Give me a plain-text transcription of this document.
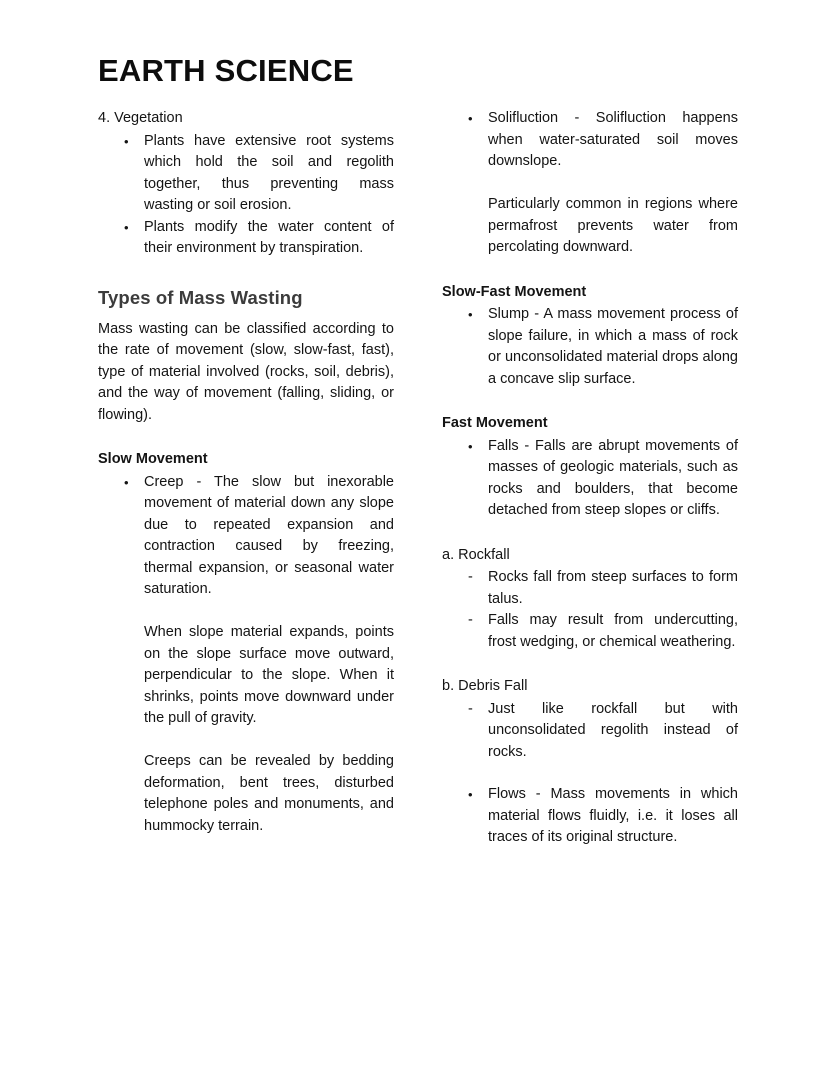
EARTH SCIENCE

4. Vegetation

• Plants have extensive root systems which hold the soil and regolith together, thus preventing mass wasting or soil erosion.
• Plants modify the water content of their environment by transpiration.
Types of Mass Wasting

Mass wasting can be classified according to the rate of movement (slow, slow-fast, fast), type of material involved (rocks, soil, debris), and the way of movement (falling, sliding, or flowing).

Slow Movement
• Creep - The slow but inexorable movement of material down any slope due to repeated expansion and contraction caused by freezing, thermal expansion, or seasonal water saturation.

When slope material expands, points on the slope surface move outward, perpendicular to the slope. When it shrinks, points move downward under the pull of gravity.

Creeps can be revealed by bedding deformation, bent trees, disturbed telephone poles and monuments, and hummocky terrain.

• Solifluction - Solifluction happens when water-saturated soil moves downslope.

Particularly common in regions where permafrost prevents water from percolating downward.

Slow-Fast Movement
• Slump - A mass movement process of slope failure, in which a mass of rock or unconsolidated material drops along a concave slip surface.
Fast Movement
• Falls - Falls are abrupt movements of masses of geologic materials, such as rocks and boulders, that become detached from steep slopes or cliffs.

a. Rockfall

- Rocks fall from steep surfaces to form talus.
- Falls may result from undercutting, frost wedging, or chemical weathering.

b. Debris Fall

- Just like rockfall but with unconsolidated regolith instead of rocks.
• Flows - Mass movements in which material flows fluidly, i.e. it loses all traces of its original structure.
